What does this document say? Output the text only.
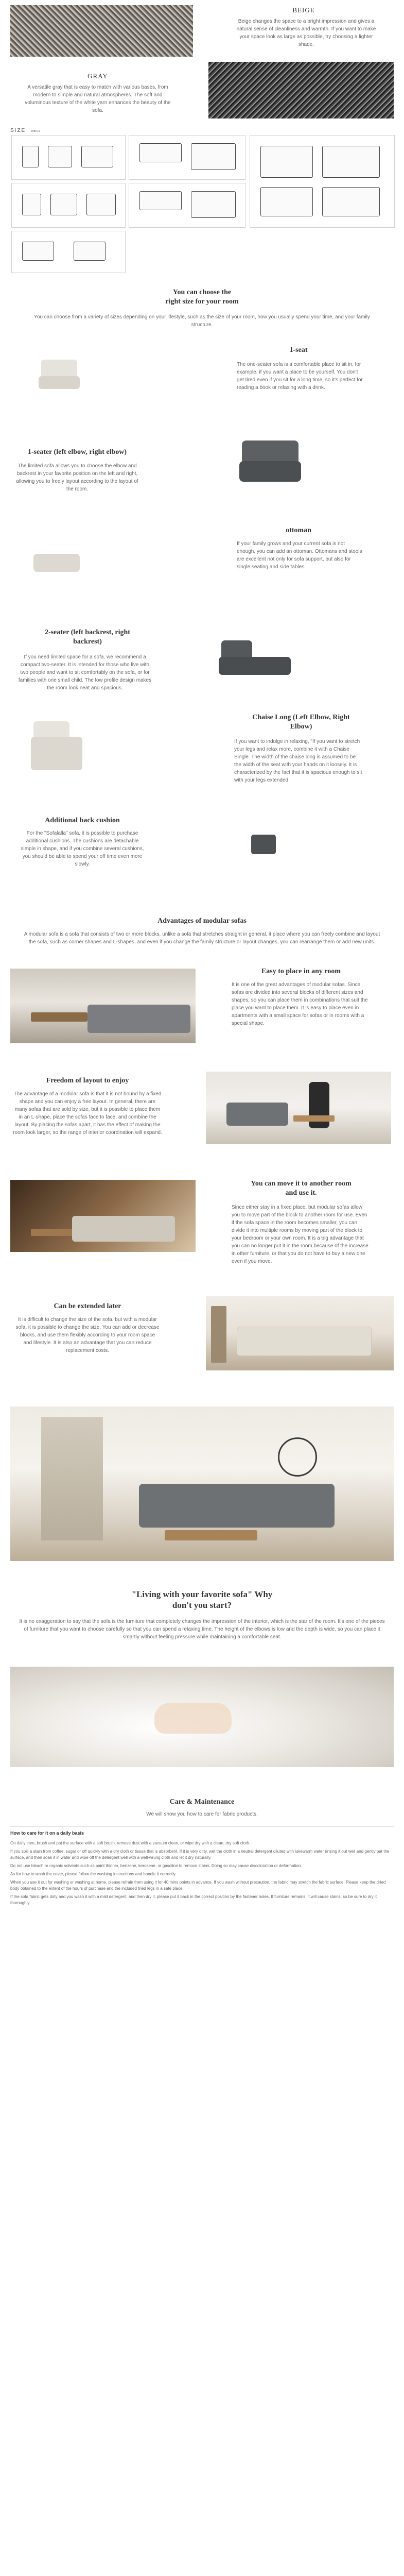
BEIGE
Beige changes the space to a bright impression and gives a natural sense of cleanliness and warmth. If you want to make your space look as large as possible, try choosing a lighter shade.
GRAY
A versatile gray that is easy to match with various bases, from modern to simple and natural atmospheres. The soft and voluminous texture of the white yarn enhances the beauty of the sofa.
SIZE mm.s
You can choose the
right size for your room
You can choose from a variety of sizes depending on your lifestyle, such as the size of your room, how you usually spend your time, and your family structure.
1-seat
The one-seater sofa is a comfortable place to sit in, for example, if you want a place to be yourself. You don't get tired even if you sit for a long time, so it's perfect for reading a book or relaxing with a drink.
1-seater (left elbow, right elbow)
The limited sofa allows you to choose the elbow and backrest in your favorite position on the left and right, allowing you to freely layout according to the layout of the room.
ottoman
If your family grows and your current sofa is not enough, you can add an ottoman. Ottomans and stools are excellent not only for sofa support, but also for single seating and side tables.
2-seater (left backrest, right
backrest)
If you need limited space for a sofa, we recommend a compact two-seater. It is intended for those who live with two people and want to sit comfortably on the sofa, or for families with one small child. The low profile design makes the room look neat and spacious.
Chaise Long (Left Elbow, Right
Elbow)
If you want to indulge in relaxing, "If you want to stretch your legs and relax more, combine it with a Chaise Single. The width of the chaise long is assumed to be the width of the seat with your hands on it loosely. It is characterized by the fact that it is spacious enough to sit with your legs extended.
Additional back cushion
For the "Sofalalla" sofa, it is possible to purchase additional cushions. The cushions are detachable simple in shape, and if you combine several cushions, you should be able to spend your off time even more slowly.
Advantages of modular sofas
A modular sofa is a sofa that consists of two or more blocks. unlike a sofa that stretches straight in general, it place where you can freely combine and layout the sofa, such as corner shapes and L-shapes, and even if you change the family structure or layout changes, you can rearrange them or add new units.
Easy to place in any room
It is one of the great advantages of modular sofas. Since sofas are divided into several blocks of different sizes and shapes, so you can place them in combinations that suit the place you want to place them. It is easy to place even in apartments with a small space for sofas or in rooms with a special shape.
Freedom of layout to enjoy
The advantage of a modular sofa is that it is not bound by a fixed shape and you can enjoy a free layout. In general, there are many sofas that are sold by size, but it is possible to place them in an L-shape, place the sofas face to face, and combine the layout. By placing the sofas apart, it has the effect of making the room look larger, so the range of interior coordination will expand.
You can move it to another room
and use it.
Since either stay in a fixed place, but modular sofas allow you to move part of the block to another room for use. Even if the sofa space in the room becomes smaller, you can divide it into multiple rooms by moving part of the block to your bedroom or your own room. It is a big advantage that you can no longer put it in the room because of the increase in other furniture, or that you do not have to buy a new one even if you move.
Can be extended later
It is difficult to change the size of the sofa, but with a modular sofa, it is possible to change the size. You can add or decrease blocks, and use them flexibly according to your room space and lifestyle. It is also an advantage that you can reduce replacement costs.
"Living with your favorite sofa" Why
don't you start?
It is no exaggeration to say that the sofa is the furniture that completely changes the impression of the interior, which is the star of the room. It's one of the pieces of furniture that you want to choose carefully so that you can spend a relaxing time. The height of the elbows is low and the depth is wide, so you can place it smartly without feeling pressure while maintaining a comfortable seat.
Care & Maintenance
We will show you how to care for fabric products.
How to care for it on a daily basis

On daily care, brush and pat the surface with a soft brush, remove dust with a vacuum clean, or wipe dry with a clean, dry soft cloth.

If you spill a stain from coffee, sugar or off quickly with a dry cloth or tissue that is absorbent. If it is very dirty, wet the cloth in a neutral detergent diluted with lukewarm water rinsing it out well and gently pat the surface, and then soak it in water and wipe off the detergent well with a well-wrung cloth and let it dry naturally.

Do not use bleach or organic solvents such as paint thinner, benzene, kerosene, or gasoline to remove stains. Doing so may cause discoloration or deformation.

As for how to wash the cover, please follow the washing instructions and handle it correctly.

When you use it out for washing or washing at home, please refrain from using it for 40 mins points in advance. If you wash without precaution, the fabric may stretch the fabric surface. Please keep the dried body obtained to the extent of the hours of purchase and the included tried legs in a safe place.

If the sofa fabric gets dirty and you wash it with a mild detergent, and then dry it, please put it back in the correct position by the fastener holes. If furniture remains, it will cause stains, so be sure to dry it thoroughly.
